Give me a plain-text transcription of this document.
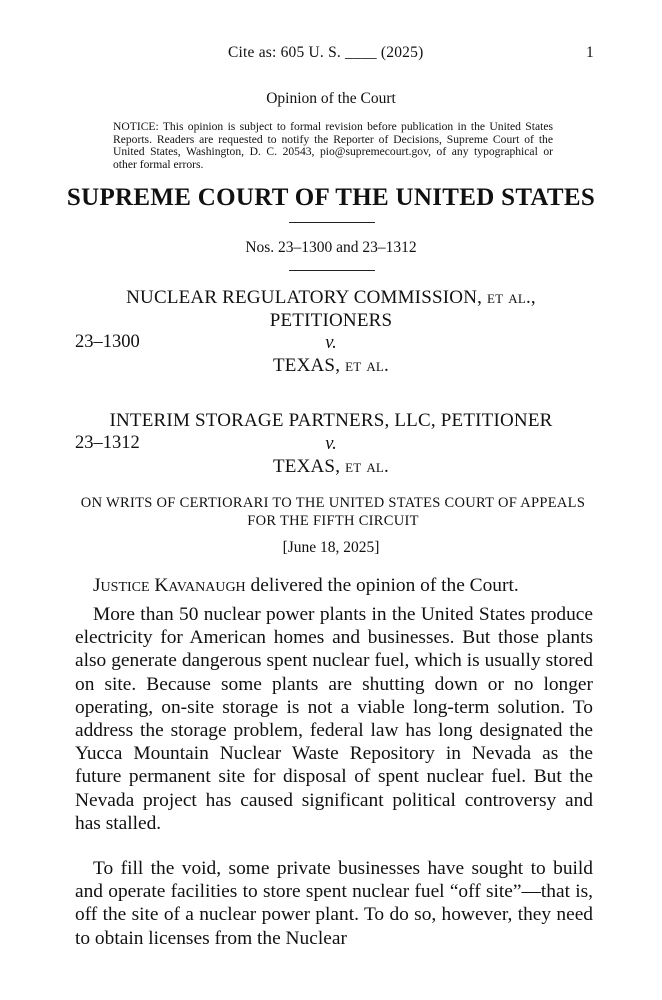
Cite as: 605 U. S. ____ (2025)	1

Opinion of the Court

NOTICE: This opinion is subject to formal revision before publication in the United States Reports. Readers are requested to notify the Reporter of Decisions, Supreme Court of the United States, Washington, D. C. 20543, pio@supremecourt.gov, of any typographical or other formal errors.

SUPREME COURT OF THE UNITED STATES

Nos. 23–1300 and 23–1312

NUCLEAR REGULATORY COMMISSION, et al.,

PETITIONERS

23–1300	v.

TEXAS, et al.

INTERIM STORAGE PARTNERS, LLC, PETITIONER

23–1312	v.

TEXAS, et al.

ON WRITS OF CERTIORARI TO THE UNITED STATES COURT OF APPEALS FOR THE FIFTH CIRCUIT

[June 18, 2025]

Justice Kavanaugh delivered the opinion of the Court.

More than 50 nuclear power plants in the United States produce electricity for American homes and businesses. But those plants also generate dangerous spent nuclear fuel, which is usually stored on site. Because some plants are shutting down or no longer operating, on-site storage is not a viable long-term solution. To address the storage problem, federal law has long designated the Yucca Mountain Nuclear Waste Repository in Nevada as the future permanent site for disposal of spent nuclear fuel. But the Nevada project has caused significant political controversy and has stalled.

To fill the void, some private businesses have sought to build and operate facilities to store spent nuclear fuel “off site”—that is, off the site of a nuclear power plant. To do so, however, they need to obtain licenses from the Nuclear
